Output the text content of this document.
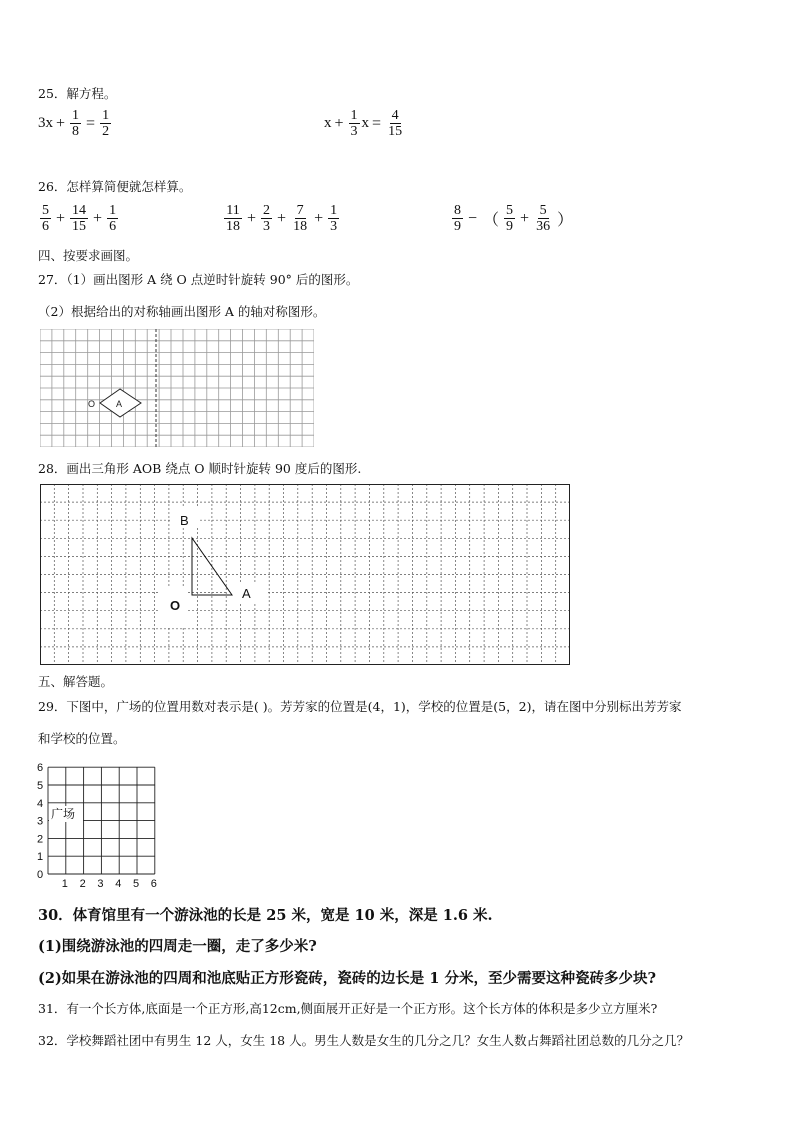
25．解方程。
$3x + \frac{1}{8} = \frac{1}{2}$	$x + \frac{1}{3}$ $x = \frac{4}{15}$
26．怎样算简便就怎样算。
$\frac{5}{6} + \frac{14}{15} + \frac{1}{6}$	$\frac{11}{18} + \frac{2}{3} + \frac{7}{18} + \frac{1}{3}$	$\frac{8}{9}$ − （ $\frac{5}{9} + \frac{5}{36}$ ）
四、按要求画图。
27．（1）画出图形 A 绕 O 点逆时针旋转 90° 后的图形。
（2）根据给出的对称轴画出图形 A 的轴对称图形。
A
O
28．画出三角形 AOB 绕点 O 顺时针旋转 90 度后的图形.
B
A
O
五、解答题。
29．下图中，广场的位置用数对表示是( )。芳芳家的位置是(4，1)，学校的位置是(5，2)，请在图中分别标出芳芳家
和学校的位置。
1 2 3 4 5 6
0
1
2
3
4
5
6
广场
30．体育馆里有一个游泳池的长是 25 米，宽是 10 米，深是 1.6 米.
(1)围绕游泳池的四周走一圈，走了多少米?
(2)如果在游泳池的四周和池底贴正方形瓷砖，瓷砖的边长是 1 分米，至少需要这种瓷砖多少块?
31．有一个长方体,底面是一个正方形,高12cm,侧面展开正好是一个正方形。这个长方体的体积是多少立方厘米?
32．学校舞蹈社团中有男生 12 人，女生 18 人。男生人数是女生的几分之几？女生人数占舞蹈社团总数的几分之几？
